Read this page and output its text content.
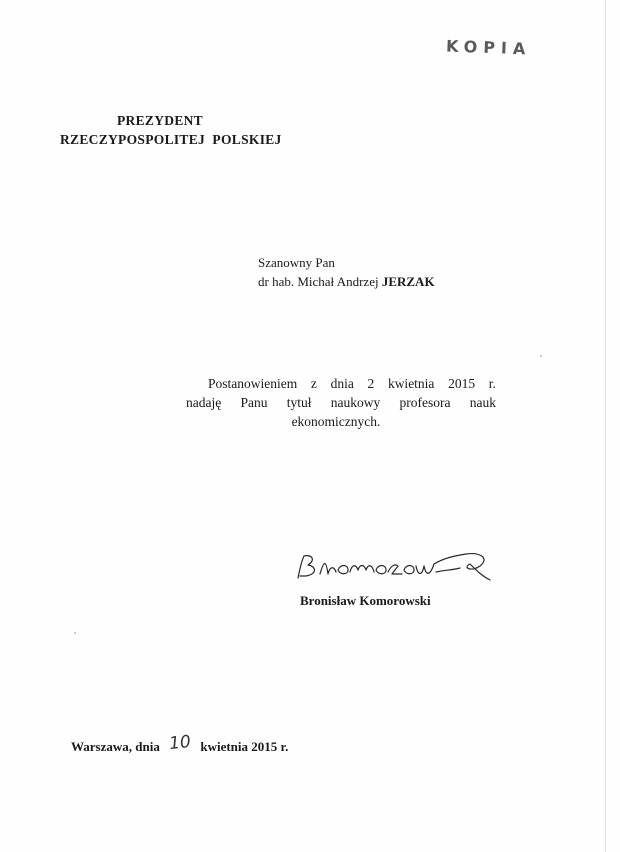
KOPIA
PREZYDENT
RZECZYPOSPOLITEJ  POLSKIEJ
Szanowny Pan
dr hab. Michał Andrzej JERZAK
Postanowieniem z dnia 2 kwietnia 2015 r.
nadaję Panu tytuł naukowy profesora nauk
ekonomicznych.
Bronisław Komorowski
Warszawa, dnia 10 kwietnia 2015 r.
